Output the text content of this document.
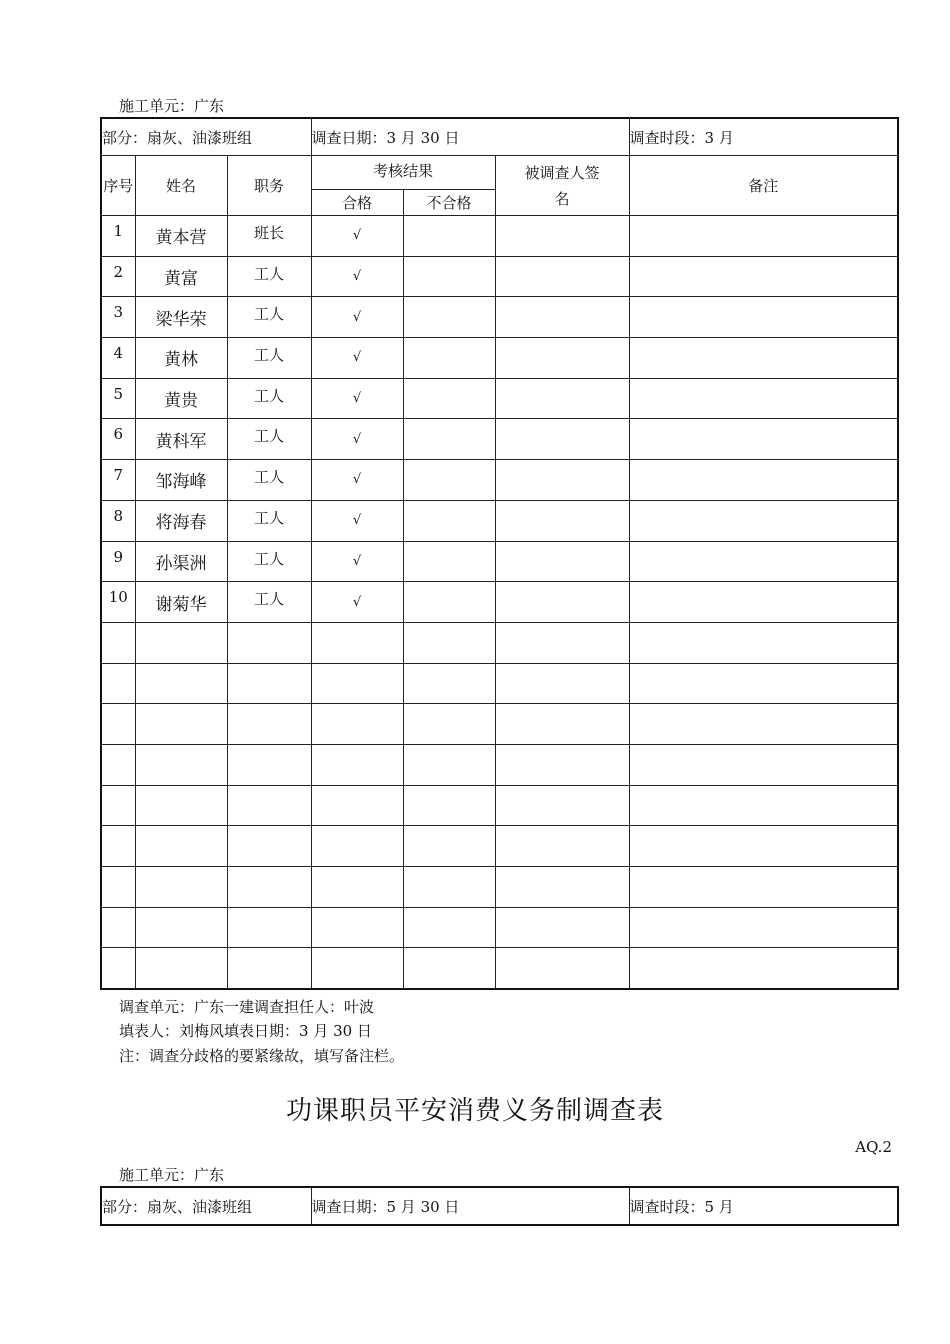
施工单元：广东
部分：扇灰、油漆班组			调查日期：3 月 30 日			调查时段：3 月
序号	姓名	职务	考核结果		被调查人签名	备注
			合格	不合格		
1	黄本营	班长	√			
2	黄富	工人	√			
3	梁华荣	工人	√			
4	黄林	工人	√			
5	黄贵	工人	√			
6	黄科军	工人	√			
7	邹海峰	工人	√			
8	将海春	工人	√			
9	孙渠洲	工人	√			
10	谢菊华	工人	√			

调查单元：广东一建调查担任人：叶波
填表人：刘梅风填表日期：3 月 30 日
注：调查分歧格的要紧缘故，填写备注栏。
功课职员平安消费义务制调查表
AQ.2
施工单元：广东
部分：扇灰、油漆班组	调查日期：5 月 30 日	调查时段：5 月
